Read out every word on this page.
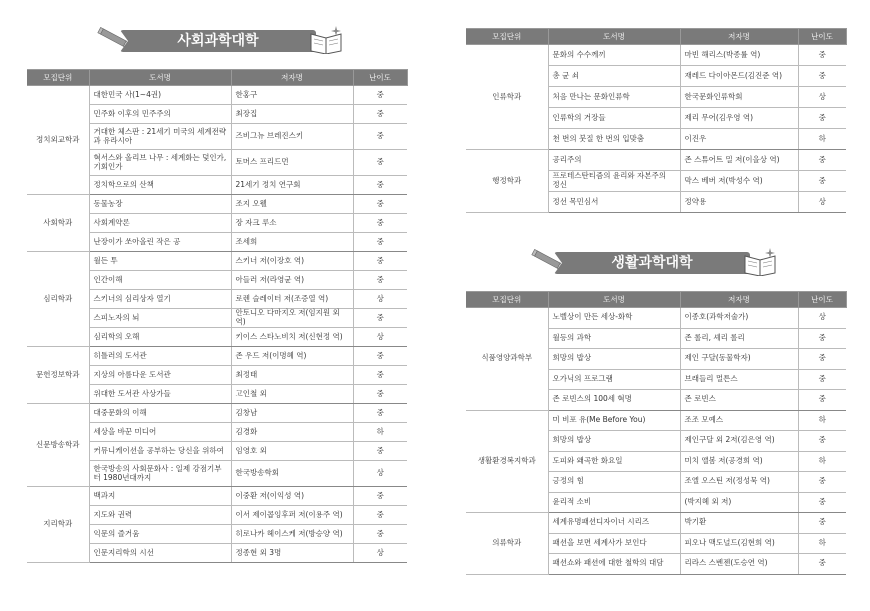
사회과학대학
모집단위	도서명	저자명	난이도
정치외교학과	대한민국 사(1~4권)	한홍구	중
	민주화 이후의 민주주의	최장집	중
	거대한 체스판 : 21세기 미국의 세계전략과 유라시아	즈비그뉴 브레진스키	중
	혁서스와 올리브 나무 : 세계화는 덫인가, 기회인가	토머스 프리드먼	중
	정치학으로의 산책	21세기 정치 연구회	중
사회학과	동물농장	조지 오웰	중
	사회계약론	장 자크 루소	중
	난장이가 쏘아올린 작은 공	조세희	중
심리학과	월든 투	스키너 저(이장호 역)	중
	인간이해	아들러 저(라영균 역)	중
	스키너의 심리상자 열기	로렌 슬레이터 저(조증열 역)	상
	스피노자의 뇌	안토니오 다마지오 저(임지원 외 역)	중
	심리학의 오해	키이스 스타노비치 저(신현정 역)	상
문헌정보학과	히틀러의 도서관	존 우드 저(이명혜 역)	중
	지상의 아름다운 도서관	최정태	중
	위대한 도서관 사상가들	고인철 외	중
신문방송학과	대중문화의 이해	김창남	중
	세상을 바꾼 미디어	김경화	하
	커뮤니케이션을 공부하는 당신을 위하여	임영호 외	중
	한국방송의 사회문화사 : 일제 강점기부터 1980년대까지	한국방송학회	상
지리학과	백과지	이중환 저(이익성 역)	중
	지도와 권력	이서 제이콥잉후퍼 저(이용주 역)	중
	익문의 즐거움	히로나카 헤이스케 저(방승양 역)	중
	인문지리학의 시선	정종현 외 3명	상
모집단위	도서명	저자명	난이도
인류학과	문화의 수수께끼	마빈 해리스(박종률 역)	중
	총 균 쇠	재레드 다이아몬드(김진준 역)	중
	처음 만나는 문화인류학	한국문화인류학회	상
	인류학의 거장들	제리 무어(김우영 역)	중
	천 번의 붓질 한 번의 입맞춤	이진우	하
행정학과	공리주의	존 스튜어트 밀 저(이을상 역)	중
	프로테스탄티즘의 윤리와 자본주의 정신	막스 베버 저(박성수 역)	중
	정선 목민심서	정약용	상
생활과학대학
모집단위	도서명	저자명	난이도
식품영양과학부	노벨상이 만든 세상-화학	이종호(과학저술가)	상
	월등의 과학	존 롤리, 셰리 롤리	중
	희망의 밥상	제인 구달(동물학자)	중
	오가닉의 프로그램	브래들리 멀튼스	중
	존 로빈스의 100세 혁명	존 로빈스	중
생활환경복지학과	미 비포 유(Me Before You)	조조 모예스	하
	희망의 밥상	제인구달 외 2저(김은영 역)	중
	도피와 왜곡한 화요일	미치 앨봄 저(공경희 역)	하
	긍정의 힘	조엘 오스틴 저(정성묵 역)	중
	윤리적 소비	(박지혜 외 저)	중
의류학과	세계유명패션디자이너 시리즈	박기환	중
	패션을 보면 세계사가 보인다	피오나 맥도널드(김현희 역)	하
	패션쇼와 패션에 대한 철학의 대담	리라스 스벤젠(도승연 역)	중
